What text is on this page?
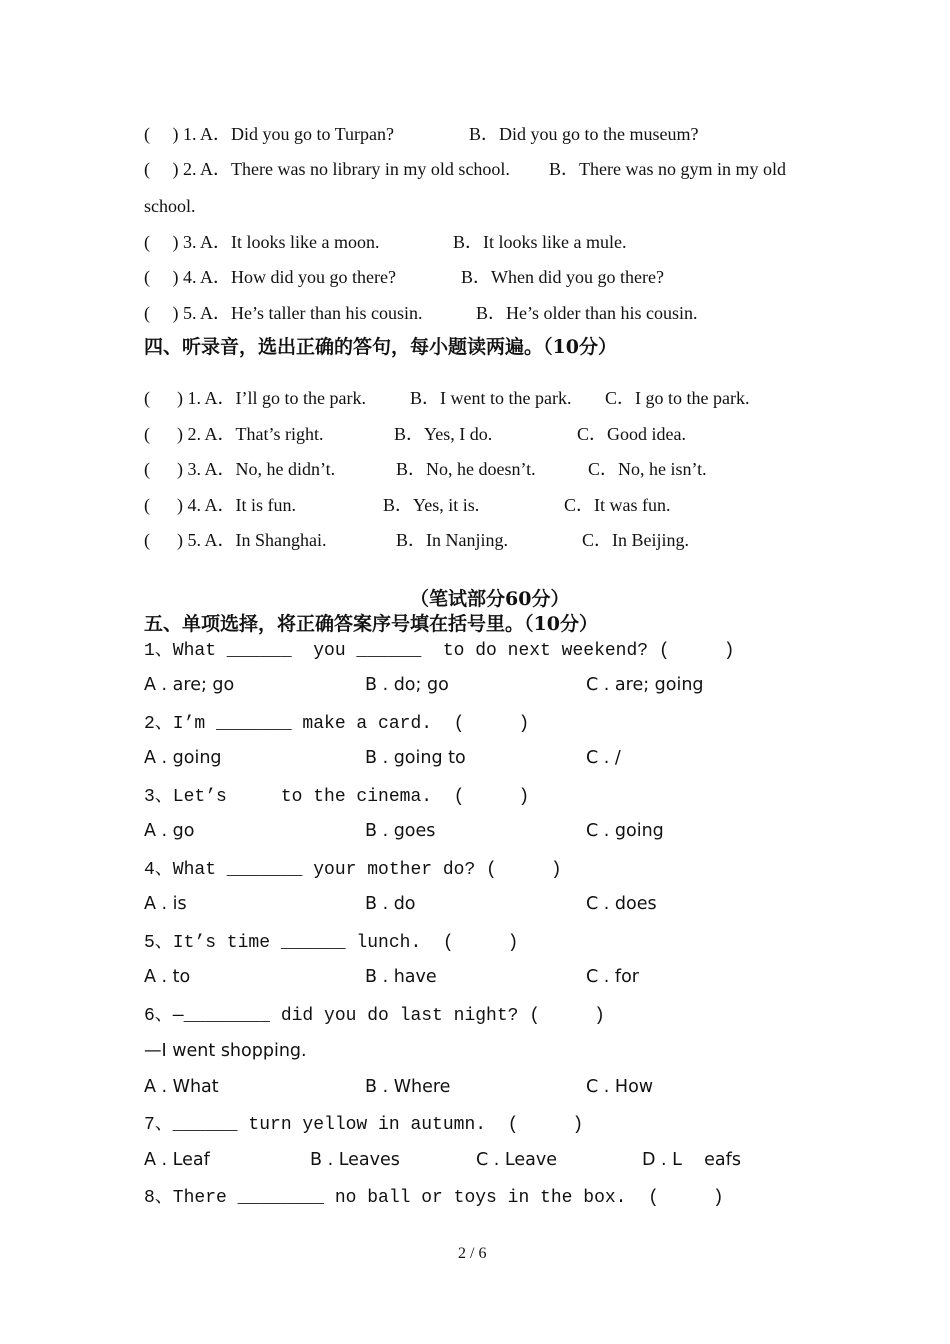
(     ) 1. A．Did you go to Turpan?	B．Did you go to the museum?
(     ) 2. A．There was no library in my old school. B．There was no gym in my old
school.
(     ) 3. A．It looks like a moon.	B．It looks like a mule.
(     ) 4. A．How did you go there?	B．When did you go there?
(     ) 5. A．He’s taller than his cousin.	B．He’s older than his cousin.
四、听录音，选出正确的答句，每小题读两遍。（10分）
(      ) 1. A．I’ll go to the park. B．I went to the park. C．I go to the park.
(      ) 2. A．That’s right.	B．Yes, I do.	C．Good idea.
(      ) 3. A．No, he didn’t.	B．No, he doesn’t.	C．No, he isn’t.
(      ) 4. A．It is fun.	B．Yes, it is.	C．It was fun.
(      ) 5. A．In Shanghai.	B．In Nanjing.	C．In Beijing.
（笔试部分60分）
五、单项选择，将正确答案序号填在括号里。（10分）
1、What ______  you ______  to do next weekend? (     )
A . are; go	B . do; go	C . are; going
2、I’m _______ make a card.  (     )
A . going	B . going to	C . /
3、Let’s     to the cinema.  (     )
A . go	B . goes	C . going
4、What _______ your mother do? (     )
A . is	B . do	C . does
5、It’s time ______ lunch.  (     )
A . to	B . have	C . for
6、—________ did you do last night? (     )
—I went shopping.
A . What	B . Where	C . How
7、______ turn yellow in autumn.  (     )
A . Leaf	B . Leaves	C . Leave	D . L    eafs
8、There ________ no ball or toys in the box.  (     )
2 / 6
